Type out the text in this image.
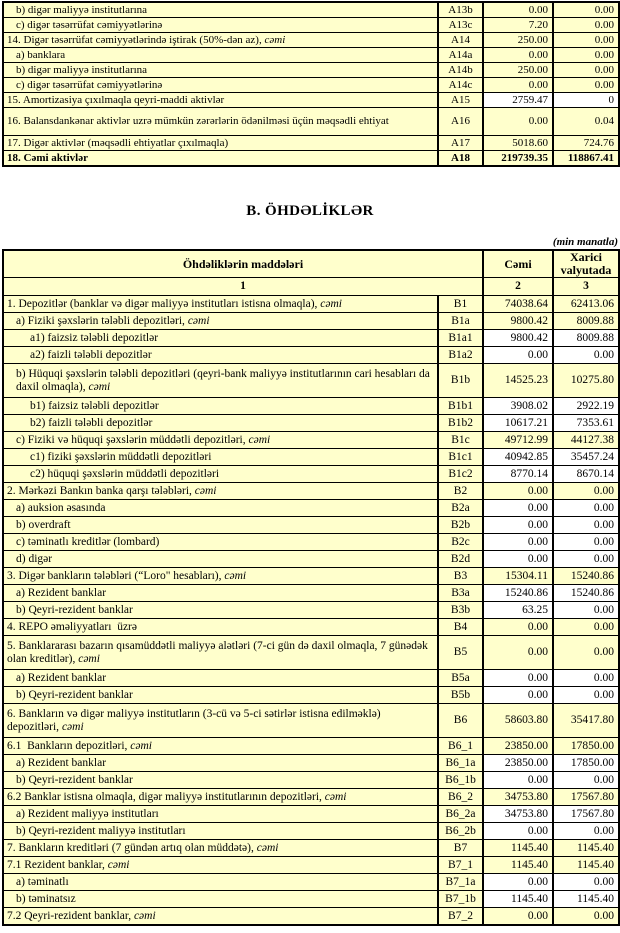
b) digər maliyyə institutlarına	A13b	0.00	0.00
c) digər təsərrüfat cəmiyyətlərinə	A13c	7.20	0.00
14. Digər təsərrüfat cəmiyyətlərində iştirak (50%-dən az), cəmi	A14	250.00	0.00
a) banklara	A14a	0.00	0.00
b) digər maliyyə institutlarına	A14b	250.00	0.00
c) digər təsərrüfat cəmiyyətlərinə	A14c	0.00	0.00
15. Amortizasiya çıxılmaqla qeyri-maddi aktivlər	A15	2759.47	0
16. Balansdankənar aktivlər uzrə mümkün zərərlərin ödənilməsi üçün məqsədli ehtiyat	A16	0.00	0.04
17. Digər aktivlər (məqsədli ehtiyatlar çıxılmaqla)	A17	5018.60	724.76
18. Cəmi aktivlər	A18	219739.35	118867.41
B. ÖHDƏLİKLƏR
(min manatla)
Öhdəliklərin maddələri		Cəmi	Xarici valyutada
1		2	3
1. Depozitlər (banklar və digər maliyyə institutları istisna olmaqla), cəmi	B1	74038.64	62413.06
a) Fiziki şəxslərin tələbli depozitləri, cəmi	B1a	9800.42	8009.88
a1) faizsiz tələbli depozitlər	B1a1	9800.42	8009.88
a2) faizli tələbli depozitlər	B1a2	0.00	0.00
b) Hüquqi şəxslərin tələbli depozitləri (qeyri-bank maliyyə institutlarının cari hesabları da daxil olmaqla), cəmi	B1b	14525.23	10275.80
b1) faizsiz tələbli depozitlər	B1b1	3908.02	2922.19
b2) faizli tələbli depozitlər	B1b2	10617.21	7353.61
c) Fiziki və hüquqi şəxslərin müddətli depozitləri, cəmi	B1c	49712.99	44127.38
c1) fiziki şəxslərin müddətli depozitləri	B1c1	40942.85	35457.24
c2) hüquqi şəxslərin müddətli depozitləri	B1c2	8770.14	8670.14
2. Mərkəzi Bankın banka qarşı tələbləri, cəmi	B2	0.00	0.00
a) auksion əsasında	B2a	0.00	0.00
b) overdraft	B2b	0.00	0.00
c) təminatlı kreditlər (lombard)	B2c	0.00	0.00
d) digər	B2d	0.00	0.00
3. Digər bankların tələbləri (“Loro" hesabları), cəmi	B3	15304.11	15240.86
a) Rezident banklar	B3a	15240.86	15240.86
b) Qeyri-rezident banklar	B3b	63.25	0.00
4. REPO əməliyyatları  üzrə	B4	0.00	0.00
5. Banklararası bazarın qısamüddətli maliyyə alətləri (7-ci gün də daxil olmaqla, 7 günədək olan kreditlər), cəmi	B5	0.00	0.00
a) Rezident banklar	B5a	0.00	0.00
b) Qeyri-rezident banklar	B5b	0.00	0.00
6. Bankların və digər maliyyə institutların (3-cü və 5-ci sətirlər istisna edilməklə) depozitləri, cəmi	B6	58603.80	35417.80
6.1  Bankların depozitləri, cəmi	B6_1	23850.00	17850.00
a) Rezident banklar	B6_1a	23850.00	17850.00
b) Qeyri-rezident banklar	B6_1b	0.00	0.00
6.2 Banklar istisna olmaqla, digər maliyyə institutlarının depozitləri, cəmi	B6_2	34753.80	17567.80
a) Rezident maliyyə institutları	B6_2a	34753.80	17567.80
b) Qeyri-rezident maliyyə institutları	B6_2b	0.00	0.00
7. Bankların kreditləri (7 gündən artıq olan müddətə), cəmi	B7	1145.40	1145.40
7.1 Rezident banklar, cəmi	B7_1	1145.40	1145.40
a) təminatlı	B7_1a	0.00	0.00
b) təminatsız	B7_1b	1145.40	1145.40
7.2 Qeyri-rezident banklar, cəmi	B7_2	0.00	0.00
